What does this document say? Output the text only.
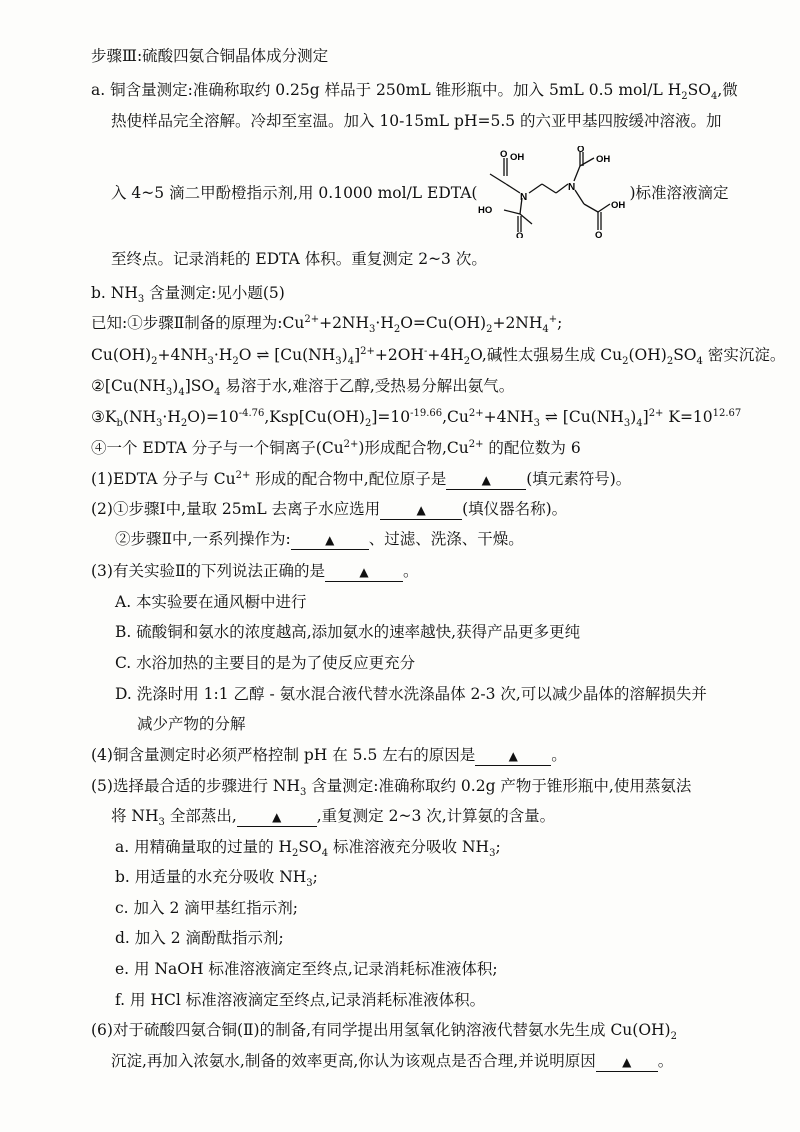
步骤Ⅲ:硫酸四氨合铜晶体成分测定
a. 铜含量测定:准确称取约 0.25g 样品于 250mL 锥形瓶中。加入 5mL 0.5 mol/L $H_2SO_4$,微
热使样品完全溶解。冷却至室温。加入 10-15mL pH=5.5 的六亚甲基四胺缓冲溶液。加
入 4~5 滴二甲酚橙指示剂,用 0.1000 mol/L EDTA(	)标准溶液滴定
OH
O
N
HO
O
N
OH
O
OH
O
至终点。记录消耗的 EDTA 体积。重复测定 2~3 次。
b. $NH_3$ 含量测定:见小题(5)
已知:①步骤Ⅱ制备的原理为$:Cu^{2+}+2NH_3\cdot H_2O=Cu(OH)_2+2NH_4^+$;
$Cu(OH)_2+4NH_3\cdot H_2O$ ⇌ $[Cu(NH_3)_4]^{2+}+2OH^-+4H_2O$,碱性太强易生成 $Cu_2(OH)_2SO_4$ 密实沉淀。
$②[Cu(NH_3)_4]SO_4$ 易溶于水,难溶于乙醇,受热易分解出氨气。
$③K_b(NH_3\cdot H_2O)=10^{-4.76},Ksp[Cu(OH)_2]=10^{-19.66},Cu^{2+}+4NH_3$ ⇌ $[Cu(NH_3)_4]^{2+}$ $K=10^{12.67}$
④一个 EDTA 分子与一个铜离子$(Cu^{2+})$形成配合物$,Cu^{2+}$ 的配位数为 6
(1)EDTA 分子与 $Cu^{2+}$ 形成的配合物中,配位原子是	▲ (填元素符号)。
(2)①步骤Ⅰ中,量取 25mL 去离子水应选用	▲ (填仪器名称)。
②步骤Ⅱ中,一系列操作为:	▲ 、过滤、洗涤、干燥。
(3)有关实验Ⅱ的下列说法正确的是	▲ 。
A. 本实验要在通风橱中进行
B. 硫酸铜和氨水的浓度越高,添加氨水的速率越快,获得产品更多更纯
C. 水浴加热的主要目的是为了使反应更充分
D. 洗涤时用 1:1 乙醇 - 氨水混合液代替水洗涤晶体 2-3 次,可以减少晶体的溶解损失并
减少产物的分解
(4)铜含量测定时必须严格控制 pH 在 5.5 左右的原因是	▲ 。
(5)选择最合适的步骤进行 $NH_3$ 含量测定:准确称取约 0.2g 产物于锥形瓶中,使用蒸氨法
将 $NH_3$ 全部蒸出,	▲ ,重复测定 2~3 次,计算氨的含量。
a. 用精确量取的过量的 $H_2SO_4$ 标准溶液充分吸收 $NH_3$;
b. 用适量的水充分吸收 $NH_3$;
c. 加入 2 滴甲基红指示剂;
d. 加入 2 滴酚酞指示剂;
e. 用 NaOH 标准溶液滴定至终点,记录消耗标准液体积;
f. 用 HCl 标准溶液滴定至终点,记录消耗标准液体积。
(6)对于硫酸四氨合铜(Ⅱ)的制备,有同学提出用氢氧化钠溶液代替氨水先生成 $Cu(OH)_2$
沉淀,再加入浓氨水,制备的效率更高,你认为该观点是否合理,并说明原因 ▲ 。
